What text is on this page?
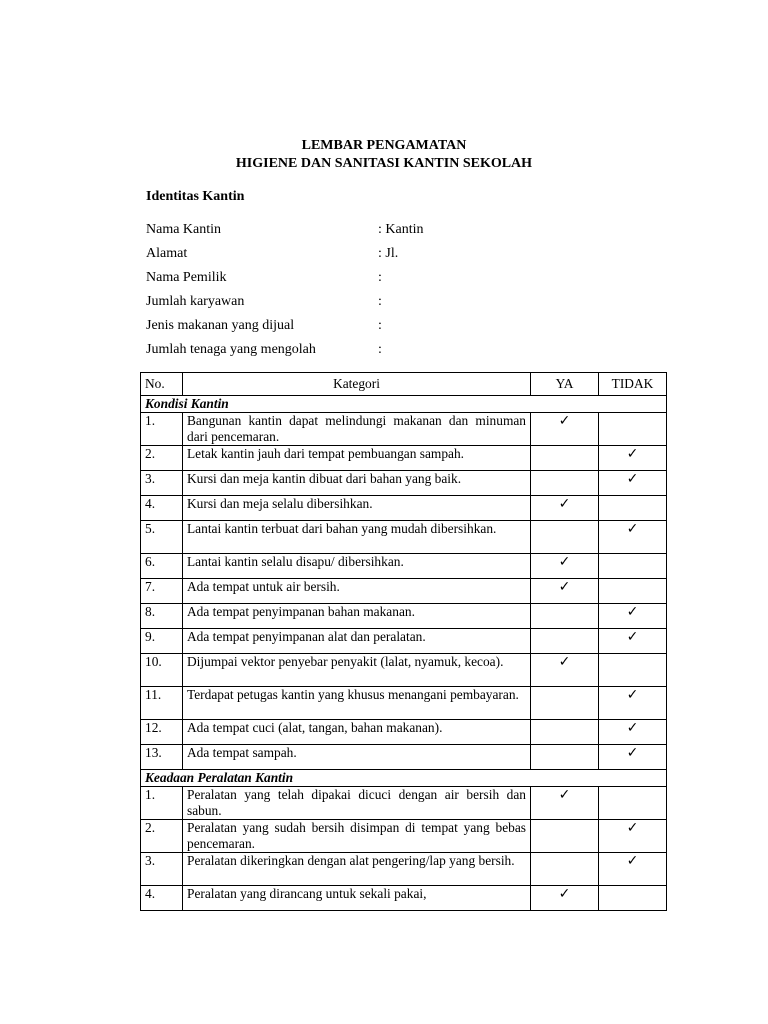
LEMBAR PENGAMATAN
HIGIENE DAN SANITASI KANTIN SEKOLAH
Identitas Kantin
Nama Kantin	: Kantin
Alamat	: Jl.
Nama Pemilik	:
Jumlah karyawan	:
Jenis makanan yang dijual	:
Jumlah tenaga yang mengolah	:
No.	Kategori	YA	TIDAK
Kondisi Kantin			
1.	Bangunan kantin dapat melindungi makanan dan minuman dari pencemaran.	✓	
2.	Letak kantin jauh dari tempat pembuangan sampah.		✓
3.	Kursi dan meja kantin dibuat dari bahan yang baik.		✓
4.	Kursi dan meja selalu dibersihkan.	✓	
5.	Lantai kantin terbuat dari bahan yang mudah dibersihkan.		✓
6.	Lantai kantin selalu disapu/ dibersihkan.	✓	
7.	Ada tempat untuk air bersih.	✓	
8.	Ada tempat penyimpanan bahan makanan.		✓
9.	Ada tempat penyimpanan alat dan peralatan.		✓
10.	Dijumpai vektor penyebar penyakit (lalat, nyamuk, kecoa).	✓	
11.	Terdapat petugas kantin yang khusus menangani pembayaran.		✓
12.	Ada tempat cuci (alat, tangan, bahan makanan).		✓
13.	Ada tempat sampah.		✓
Keadaan Peralatan Kantin			
1.	Peralatan yang telah dipakai dicuci dengan air bersih dan sabun.	✓	
2.	Peralatan yang sudah bersih disimpan di tempat yang bebas pencemaran.		✓
3.	Peralatan dikeringkan dengan alat pengering/lap yang bersih.		✓
4.	Peralatan yang dirancang untuk sekali pakai,	✓	
